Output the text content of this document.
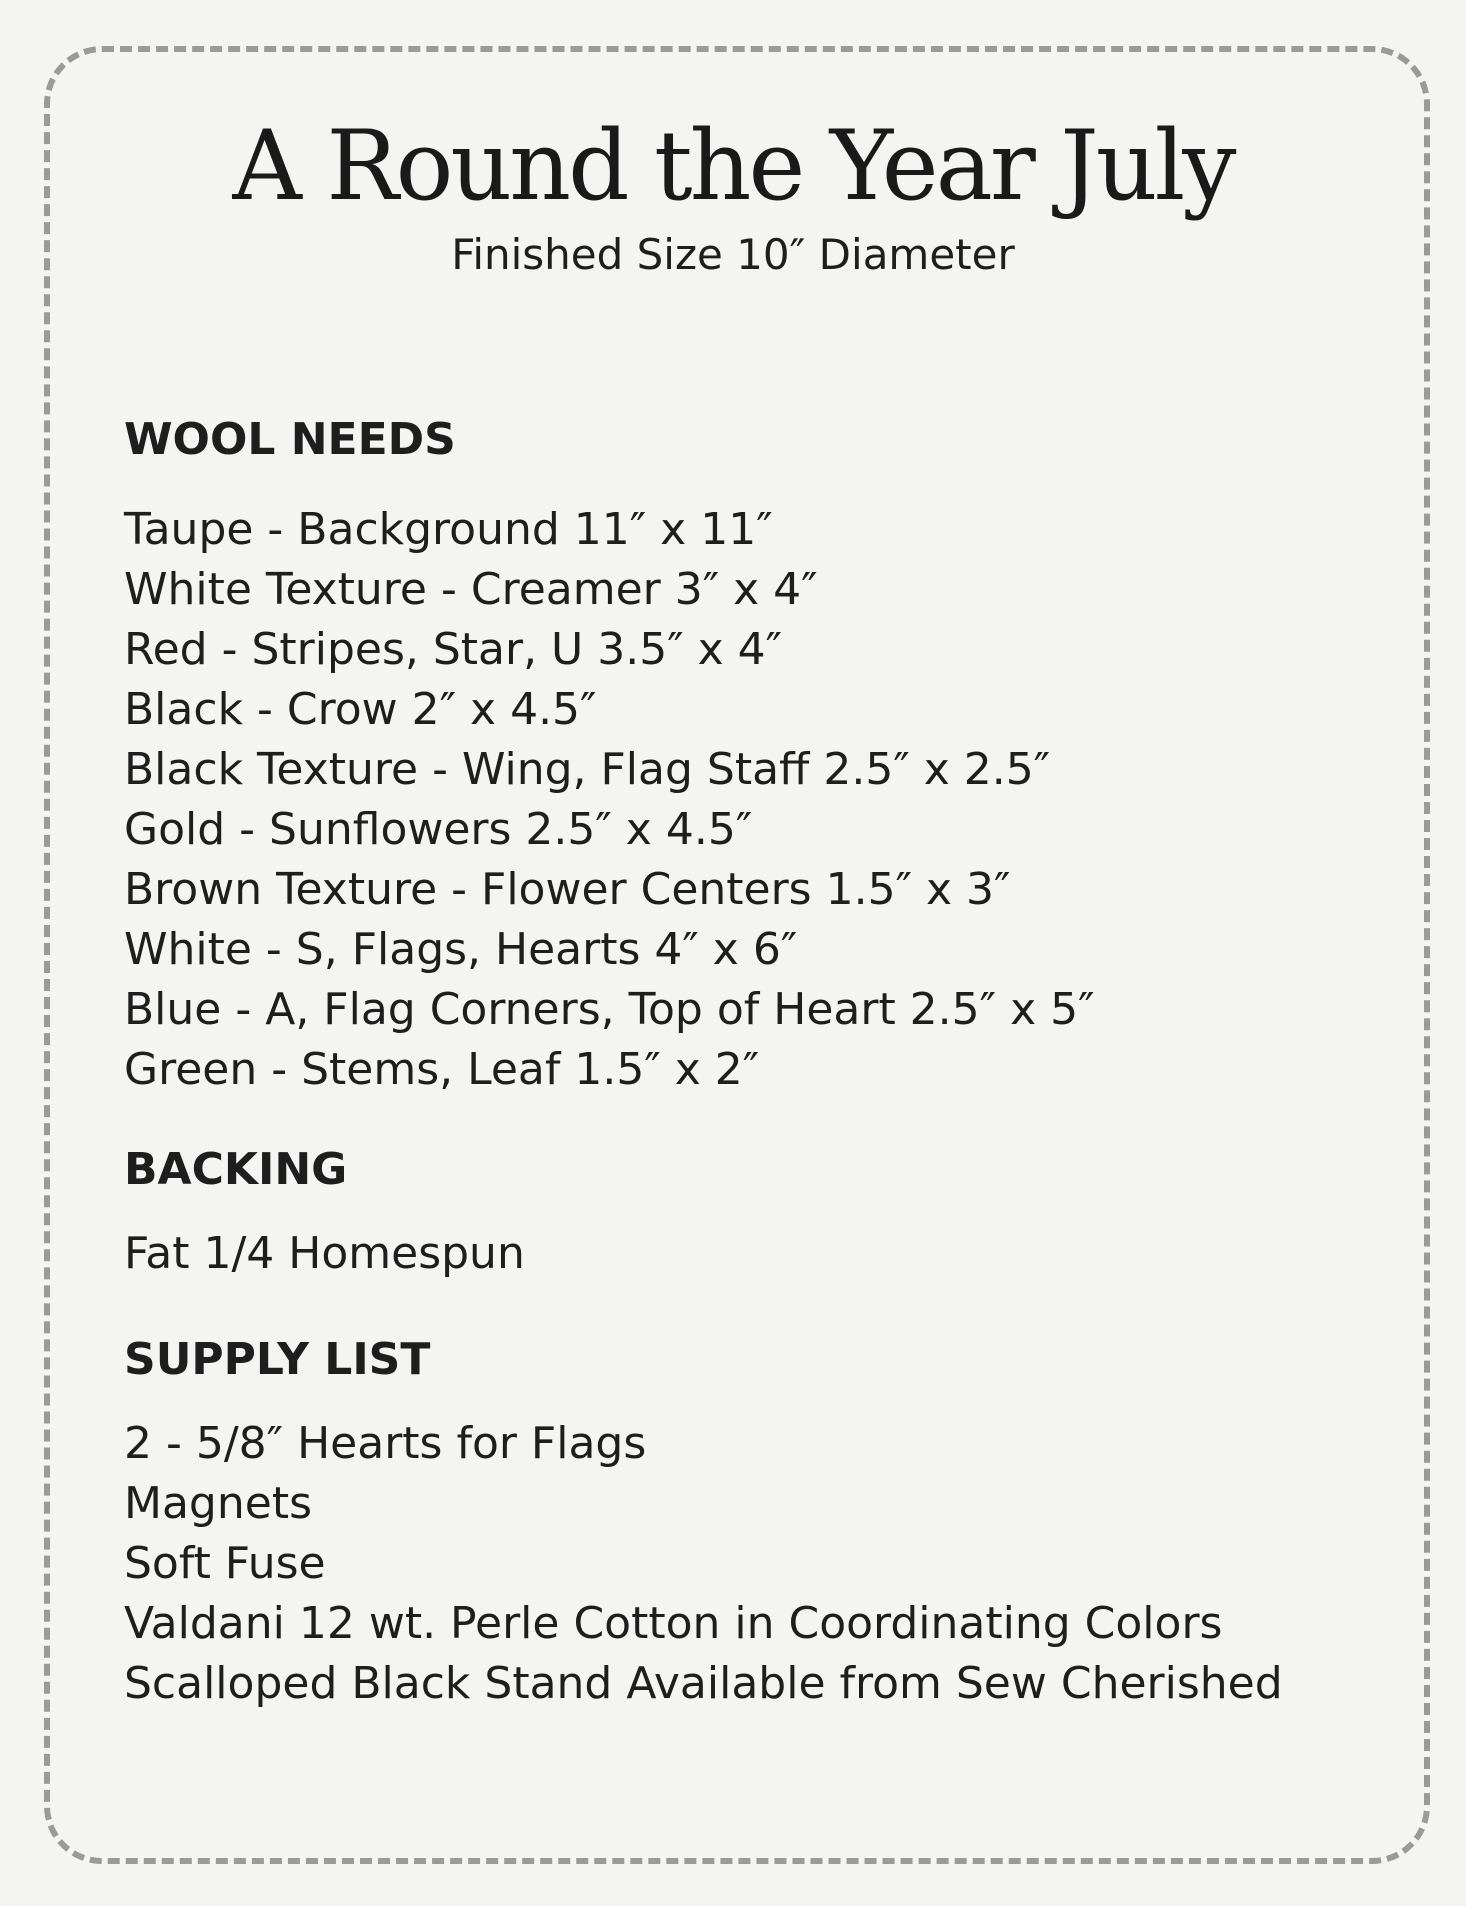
A Round the Year July

Finished Size 10″ Diameter

WOOL NEEDS
Taupe - Background 11″ x 11″
White Texture - Creamer 3″ x 4″
Red - Stripes, Star, U 3.5″ x 4″
Black - Crow 2″ x 4.5″
Black Texture - Wing, Flag Staff 2.5″ x 2.5″
Gold - Sunflowers 2.5″ x 4.5″
Brown Texture - Flower Centers 1.5″ x 3″
White - S, Flags, Hearts 4″ x 6″
Blue - A, Flag Corners, Top of Heart 2.5″ x 5″
Green - Stems, Leaf 1.5″ x 2″
BACKING
Fat 1/4 Homespun
SUPPLY LIST
2 - 5/8″ Hearts for Flags
Magnets
Soft Fuse
Valdani 12 wt. Perle Cotton in Coordinating Colors
Scalloped Black Stand Available from Sew Cherished
